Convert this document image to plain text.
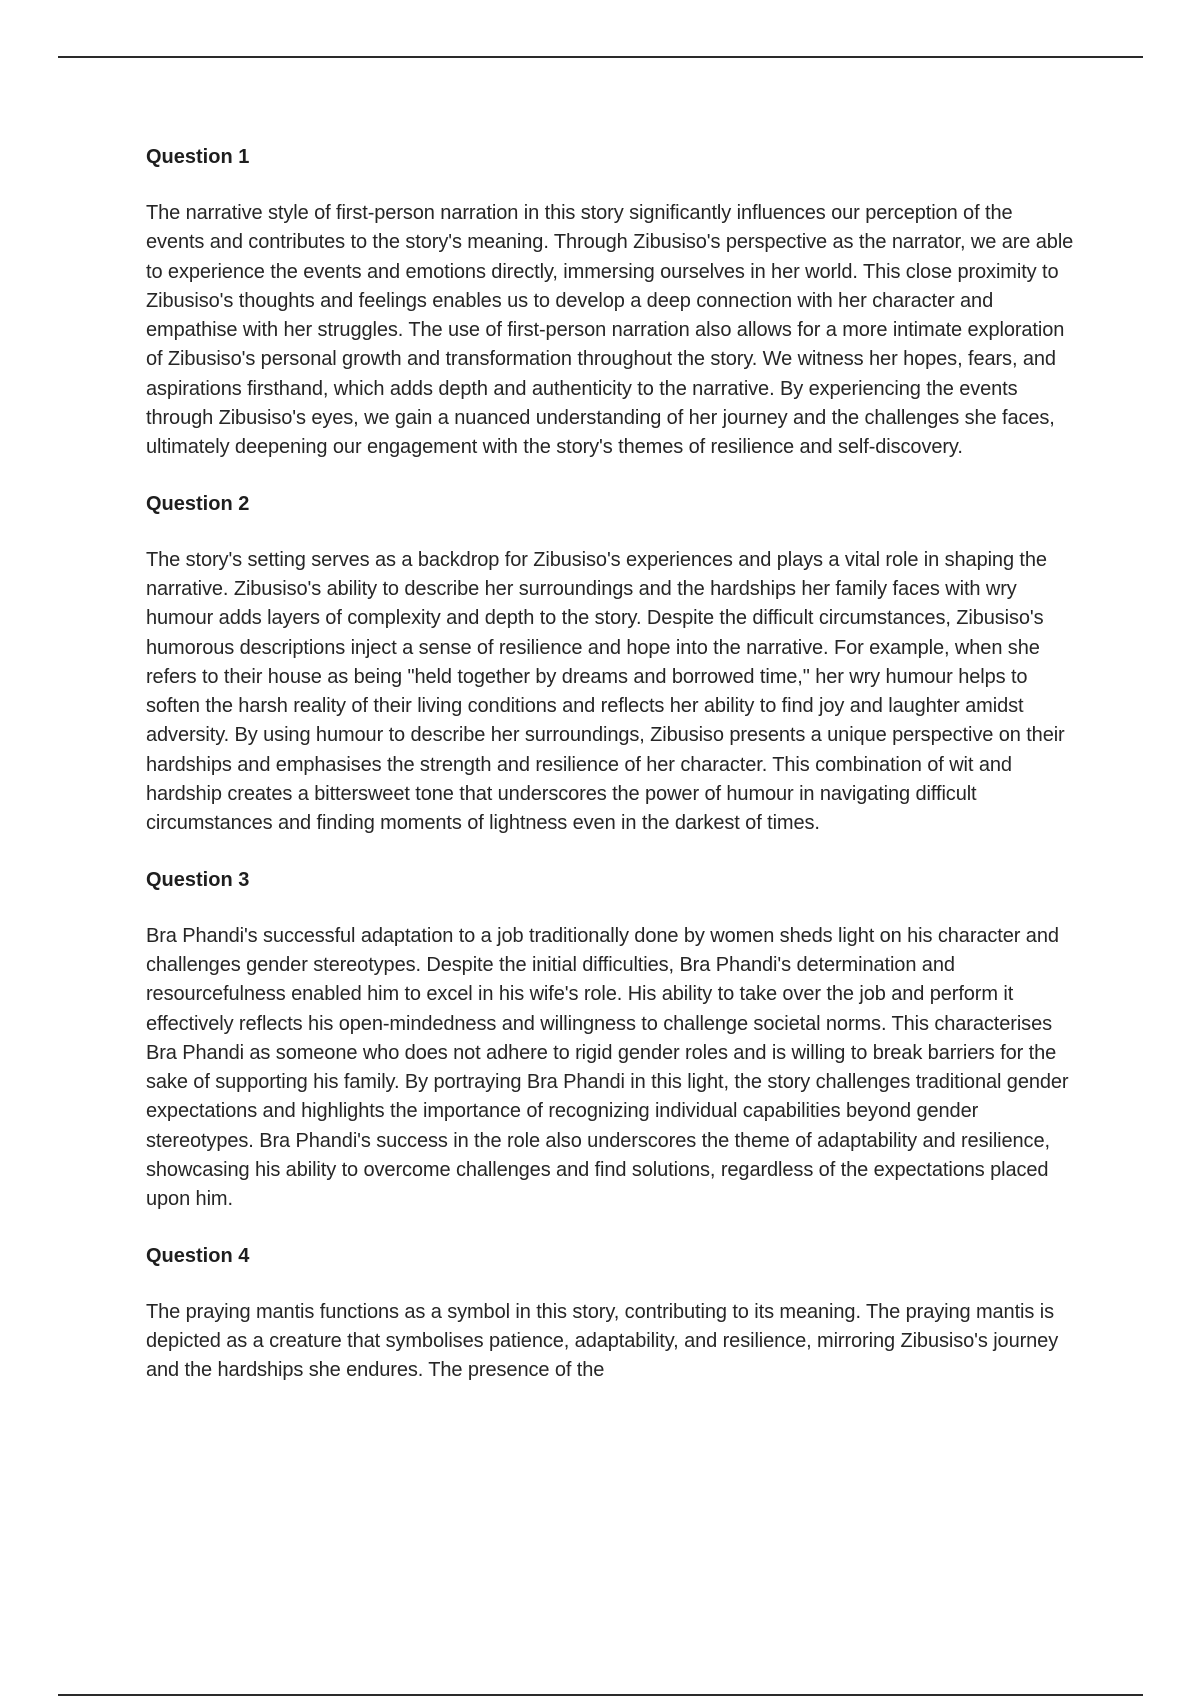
Question 1

The narrative style of first-person narration in this story significantly influences our perception of the events and contributes to the story's meaning. Through Zibusiso's perspective as the narrator, we are able to experience the events and emotions directly, immersing ourselves in her world. This close proximity to Zibusiso's thoughts and feelings enables us to develop a deep connection with her character and empathise with her struggles. The use of first-person narration also allows for a more intimate exploration of Zibusiso's personal growth and transformation throughout the story. We witness her hopes, fears, and aspirations firsthand, which adds depth and authenticity to the narrative. By experiencing the events through Zibusiso's eyes, we gain a nuanced understanding of her journey and the challenges she faces, ultimately deepening our engagement with the story's themes of resilience and self-discovery.

Question 2

The story's setting serves as a backdrop for Zibusiso's experiences and plays a vital role in shaping the narrative. Zibusiso's ability to describe her surroundings and the hardships her family faces with wry humour adds layers of complexity and depth to the story. Despite the difficult circumstances, Zibusiso's humorous descriptions inject a sense of resilience and hope into the narrative. For example, when she refers to their house as being "held together by dreams and borrowed time," her wry humour helps to soften the harsh reality of their living conditions and reflects her ability to find joy and laughter amidst adversity. By using humour to describe her surroundings, Zibusiso presents a unique perspective on their hardships and emphasises the strength and resilience of her character. This combination of wit and hardship creates a bittersweet tone that underscores the power of humour in navigating difficult circumstances and finding moments of lightness even in the darkest of times.

Question 3

Bra Phandi's successful adaptation to a job traditionally done by women sheds light on his character and challenges gender stereotypes. Despite the initial difficulties, Bra Phandi's determination and resourcefulness enabled him to excel in his wife's role. His ability to take over the job and perform it effectively reflects his open-mindedness and willingness to challenge societal norms. This characterises Bra Phandi as someone who does not adhere to rigid gender roles and is willing to break barriers for the sake of supporting his family. By portraying Bra Phandi in this light, the story challenges traditional gender expectations and highlights the importance of recognizing individual capabilities beyond gender stereotypes. Bra Phandi's success in the role also underscores the theme of adaptability and resilience, showcasing his ability to overcome challenges and find solutions, regardless of the expectations placed upon him.

Question 4

The praying mantis functions as a symbol in this story, contributing to its meaning. The praying mantis is depicted as a creature that symbolises patience, adaptability, and resilience, mirroring Zibusiso's journey and the hardships she endures. The presence of the
